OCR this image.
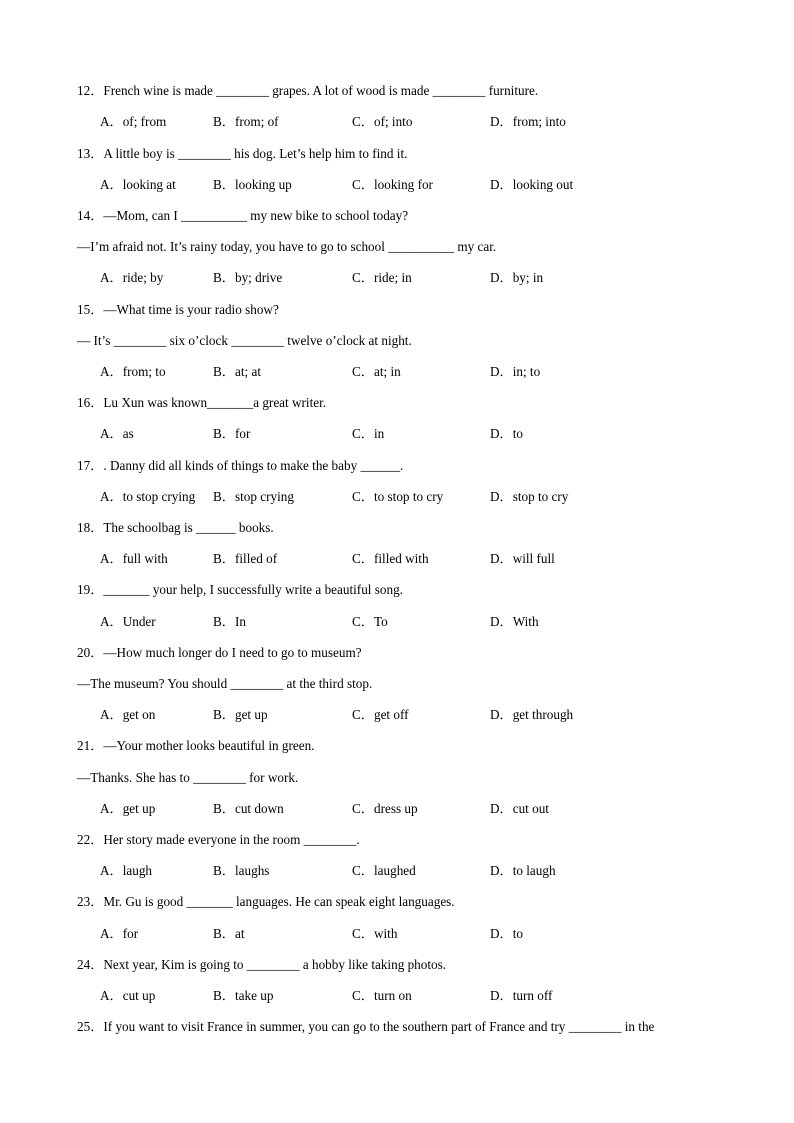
12．French wine is made ________ grapes. A lot of wood is made ________ furniture.
A．of; from	B．from; of	C．of; into	D．from; into
13．A little boy is ________ his dog. Let’s help him to find it.
A．looking at	B．looking up	C．looking for	D．looking out
14．—Mom, can I __________ my new bike to school today?
—I’m afraid not. It’s rainy today, you have to go to school __________ my car.
A．ride; by	B．by; drive	C．ride; in	D．by; in
15．—What time is your radio show?
— It’s ________ six o’clock ________ twelve o’clock at night.
A．from; to	B．at; at	C．at; in	D．in; to
16．Lu Xun was known_______a great writer.
A．as	B．for	C．in	D．to
17．. Danny did all kinds of things to make the baby ______.
A．to stop crying B．stop crying	C．to stop to cry	D．stop to cry
18．The schoolbag is ______ books.
A．full with	B．filled of	C．filled with	D．will full
19．_______ your help, I successfully write a beautiful song.
A．Under	B．In	C．To	D．With
20．—How much longer do I need to go to museum?
—The museum? You should ________ at the third stop.
A．get on	B．get up	C．get off	D．get through
21．—Your mother looks beautiful in green.
—Thanks. She has to ________ for work.
A．get up	B．cut down	C．dress up	D．cut out
22．Her story made everyone in the room ________.
A．laugh	B．laughs	C．laughed	D．to laugh
23．Mr. Gu is good _______ languages. He can speak eight languages.
A．for	B．at	C．with	D．to
24．Next year, Kim is going to ________ a hobby like taking photos.
A．cut up	B．take up	C．turn on	D．turn off
25．If you want to visit France in summer, you can go to the southern part of France and try ________ in the
